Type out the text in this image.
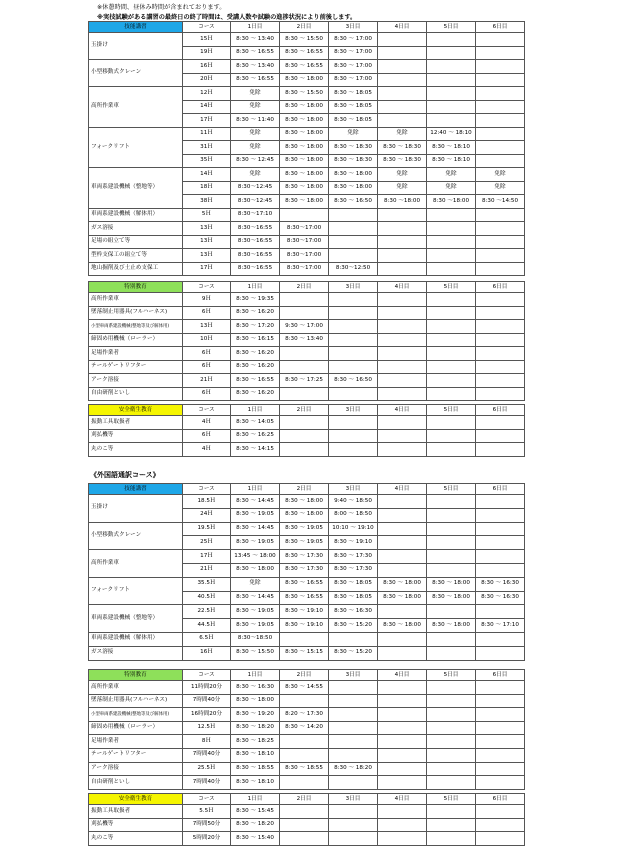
※休憩時間、昼休み時間が含まれております。
※実技試験がある講習の最終日の終了時間は、受講人数や試験の進捗状況により前後します。
技能講習	コース	1日目	2日目	3日目	4日目	5日目	6日目
玉掛け	15Ｈ	8:30 ～ 13:40	8:30 ～ 15:50	8:30 ～ 17:00			
	19Ｈ	8:30 ～ 16:55	8:30 ～ 16:55	8:30 ～ 17:00			
小型移動式クレーン	16Ｈ	8:30 ～ 13:40	8:30 ～ 16:55	8:30 ～ 17:00			
	20Ｈ	8:30 ～ 16:55	8:30 ～ 18:00	8:30 ～ 17:00			
高所作業車	12Ｈ	免除	8:30 ～ 15:50	8:30 ～ 18:05			
	14Ｈ	免除	8:30 ～ 18:00	8:30 ～ 18:05			
	17Ｈ	8:30 ～ 11:40	8:30 ～ 18:00	8:30 ～ 18:05			
フォークリフト	11Ｈ	免除	8:30 ～ 18:00	免除	免除	12:40 ～ 18:10	
	31Ｈ	免除	8:30 ～ 18:00	8:30 ～ 18:30	8:30 ～ 18:30	8:30 ～ 18:10	
	35Ｈ	8:30 ～ 12:45	8:30 ～ 18:00	8:30 ～ 18:30	8:30 ～ 18:30	8:30 ～ 18:10	
車両系建設機械（整地等）	14Ｈ	免除	8:30 ～ 18:00	8:30 ～ 18:00	免除	免除	免除
	18Ｈ	8:30～12:45	8:30 ～ 18:00	8:30 ～ 18:00	免除	免除	免除
	38Ｈ	8:30～12:45	8:30 ～ 18:00	8:30 ～ 16:50	8:30 ～18:00	8:30 ～18:00	8:30 ～14:50
車両系建設機械（解体用）	5Ｈ	8:30～17:10					
ガス溶接	13Ｈ	8:30～16:55	8:30～17:00				
足場の組立て等	13Ｈ	8:30～16:55	8:30～17:00				
型枠支保工の組立て等	13Ｈ	8:30～16:55	8:30～17:00				
地山掘削及び土止め支保工	17Ｈ	8:30～16:55	8:30～17:00	8:30～12:50			
特別教育	コース	1日目	2日目	3日目	4日目	5日目	6日目
高所作業車	9Ｈ	8:30 ～ 19:35					
墜落制止用器具(フルハーネス)	6Ｈ	8:30 ～ 16:20					
小型車両系建設機械(整地等及び解体用)	13Ｈ	8:30 ～ 17:20	9:30 ～ 17:00				
締固め用機械（ローラー）	10Ｈ	8:30 ～ 16:15	8:30 ～ 13:40				
足場作業者	6Ｈ	8:30 ～ 16:20					
テールゲートリフター	6Ｈ	8:30 ～ 16:20					
アーク溶接	21Ｈ	8:30 ～ 16:55	8:30 ～ 17:25	8:30 ～ 16:50			
自由研削といし	6Ｈ	8:30 ～ 16:20					
安全衛生教育	コース	1日目	2日目	3日目	4日目	5日目	6日目
振動工具取扱者	4Ｈ	8:30 ～ 14:05					
刈払機等	6Ｈ	8:30 ～ 16:25					
丸のこ等	4Ｈ	8:30 ～ 14:15					
技能講習	コース	1日目	2日目	3日目	4日目	5日目	6日目
玉掛け	18.5Ｈ	8:30 ～ 14:45	8:30 ～ 18:00	9:40 ～ 18:50			
	24Ｈ	8:30 ～ 19:05	8:30 ～ 18:00	8:00 ～ 18:50			
小型移動式クレーン	19.5Ｈ	8:30 ～ 14:45	8:30 ～ 19:05	10:10 ～ 19:10			
	25Ｈ	8:30 ～ 19:05	8:30 ～ 19:05	8:30 ～ 19:10			
高所作業車	17Ｈ	13:45 ～ 18:00	8:30 ～ 17:30	8:30 ～ 17:30			
	21Ｈ	8:30 ～ 18:00	8:30 ～ 17:30	8:30 ～ 17:30			
フォークリフト	35.5Ｈ	免除	8:30 ～ 16:55	8:30 ～ 18:05	8:30 ～ 18:00	8:30 ～ 18:00	8:30 ～ 16:30
	40.5Ｈ	8:30 ～ 14:45	8:30 ～ 16:55	8:30 ～ 18:05	8:30 ～ 18:00	8:30 ～ 18:00	8:30 ～ 16:30
車両系建設機械（整地等）	22.5Ｈ	8:30 ～ 19:05	8:30 ～ 19:10	8:30 ～ 16:30			
	44.5Ｈ	8:30 ～ 19:05	8:30 ～ 19:10	8:30 ～ 15:20	8:30 ～ 18:00	8:30 ～ 18:00	8:30 ～ 17:10
車両系建設機械（解体用）	6.5Ｈ	8:30～18:50					
ガス溶接	16Ｈ	8:30 ～ 15:50	8:30 ～ 15:15	8:30 ～ 15:20			
特別教育	コース	1日目	2日目	3日目	4日目	5日目	6日目
高所作業車	11時間20分	8:30 ～ 16:30	8:30 ～ 14:55				
墜落制止用器具(フルハーネス)	7時間40分	8:30 ～ 18:00					
小型車両系建設機械(整地等及び解体用)	16時間20分	8:30 ～ 19:20	8:20 ～ 17:30				
締固め用機械（ローラー）	12.5Ｈ	8:30 ～ 18:20	8:30 ～ 14:20				
足場作業者	8Ｈ	8:30 ～ 18:25					
テールゲートリフター	7時間40分	8:30 ～ 18:10					
アーク溶接	25.5Ｈ	8:30 ～ 18:55	8:30 ～ 18:55	8:30 ～ 18:20			
自由研削といし	7時間40分	8:30 ～ 18:10					
安全衛生教育	コース	1日目	2日目	3日目	4日目	5日目	6日目
振動工具取扱者	5.5Ｈ	8:30 ～ 15:45					
刈払機等	7時間50分	8:30 ～ 18:20					
丸のこ等	5時間20分	8:30 ～ 15:40					
《外国語通訳コース》
